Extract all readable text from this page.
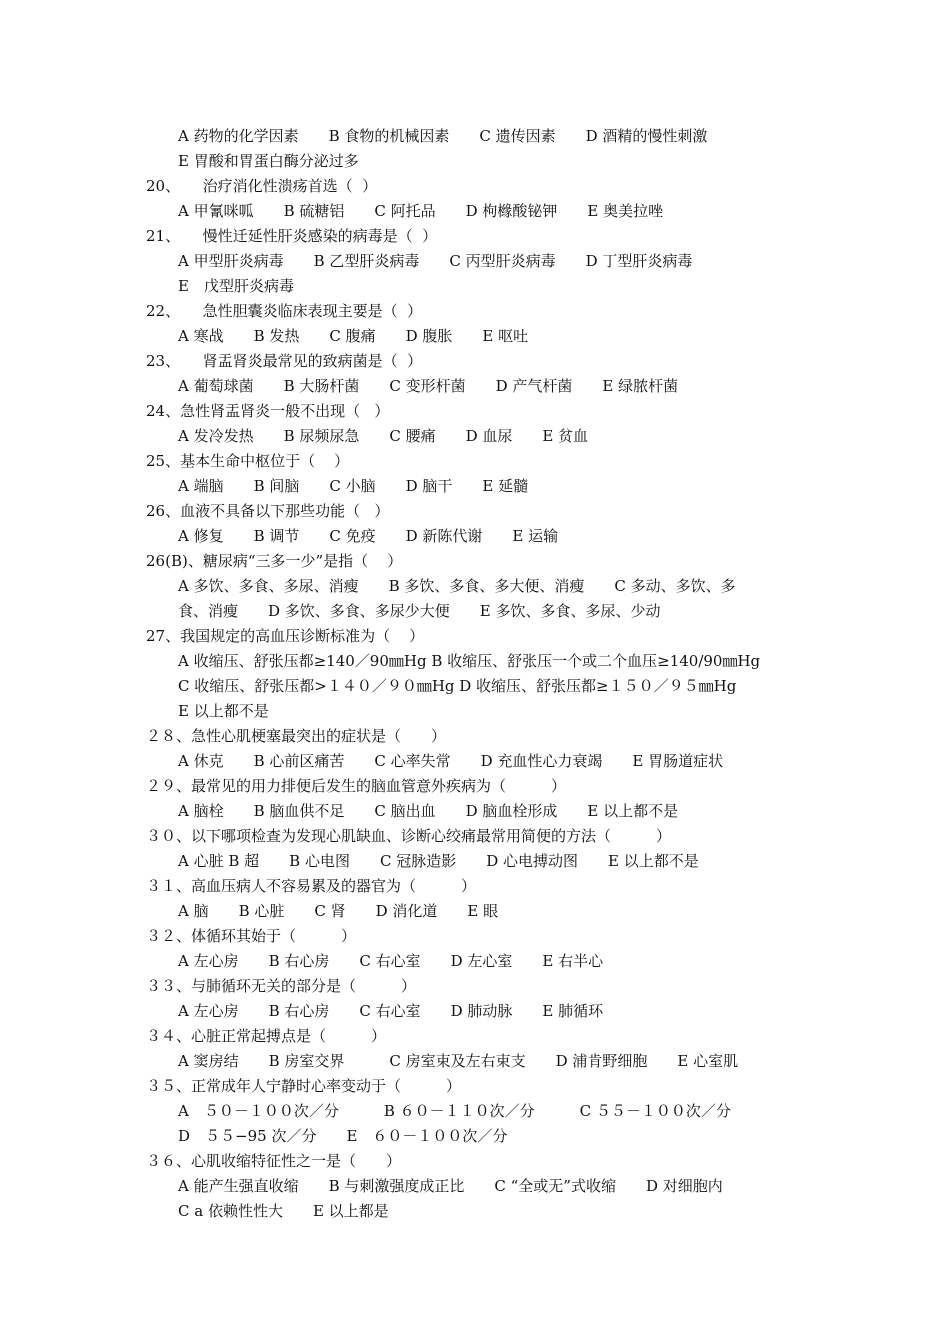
A 药物的化学因素　　B 食物的机械因素　　C 遗传因素　　D 酒精的慢性刺激
E 胃酸和胃蛋白酶分泌过多
20、　　治疗消化性溃疡首选（  ）
A 甲氰咪呱　　B 硫糖铝　　C 阿托品　　D 枸橼酸铋钾　　E 奥美拉唑
21、　　慢性迁延性肝炎感染的病毒是（  ）
A 甲型肝炎病毒　　B 乙型肝炎病毒　　C 丙型肝炎病毒　　D 丁型肝炎病毒
E　戊型肝炎病毒
22、　　急性胆囊炎临床表现主要是（  ）
A 寒战　　B 发热　　C 腹痛　　D 腹胀　　E 呕吐
23、　　肾盂肾炎最常见的致病菌是（  ）
A 葡萄球菌　　B 大肠杆菌　　C 变形杆菌　　D 产气杆菌　　E 绿脓杆菌
24、急性肾盂肾炎一般不出现（   ）
A 发冷发热　　B 尿频尿急　　C 腰痛　　D 血尿　　E 贫血
25、基本生命中枢位于（    ）
A 端脑　　B 间脑　　C 小脑　　D 脑干　　E 延髓
26、血液不具备以下那些功能（   ）
A 修复　　B 调节　　C 免疫　　D 新陈代谢　　E 运输
26(B)、糖尿病“三多一少”是指（    ）
A 多饮、多食、多尿、消瘦　　B 多饮、多食、多大便、消瘦　　C 多动、多饮、多
食、消瘦　　D 多饮、多食、多尿少大便　　E 多饮、多食、多尿、少动
27、我国规定的高血压诊断标准为（    ）
A 收缩压、舒张压都≥140／90㎜Hg B 收缩压、舒张压一个或二个血压≥140/90㎜Hg
C 收缩压、舒张压都>１４０／９０㎜Hg D 收缩压、舒张压都≥１５０／９５㎜Hg
E 以上都不是
２８、急性心肌梗塞最突出的症状是（　　）
A 休克　　B 心前区痛苦　　C 心率失常　　D 充血性心力衰竭　　E 胃肠道症状
２９、最常见的用力排便后发生的脑血管意外疾病为（　　　）
A 脑栓　　B 脑血供不足　　C 脑出血　　D 脑血栓形成　　E 以上都不是
３０、以下哪项检查为发现心肌缺血、诊断心绞痛最常用简便的方法（　　　）
A 心脏 B 超　　B 心电图　　C 冠脉造影　　D 心电搏动图　　E 以上都不是
３１、高血压病人不容易累及的器官为（　　　）
A 脑　　B 心脏　　C 肾　　D 消化道　　E 眼
３２、体循环其始于（　　　）
A 左心房　　B 右心房　　C 右心室　　D 左心室　　E 右半心
３３、与肺循环无关的部分是（　　　）
A 左心房　　B 右心房　　C 右心室　　D 肺动脉　　E 肺循环
３４、心脏正常起搏点是（　　　）
A 窦房结　　B 房室交界　　　C 房室束及左右束支　　D 浦肯野细胞　　E 心室肌
３５、正常成年人宁静时心率变动于（　　　）
A　５０－１００次／分　　　B ６０－１１０次／分　　　C ５５－１００次／分
D　５５−95 次／分　　E　６０－１００次／分
３６、心肌收缩特征性之一是（　　）
A 能产生强直收缩　　B 与刺激强度成正比　　C “全或无”式收缩　　D 对细胞内
C a 依赖性性大　　E 以上都是
